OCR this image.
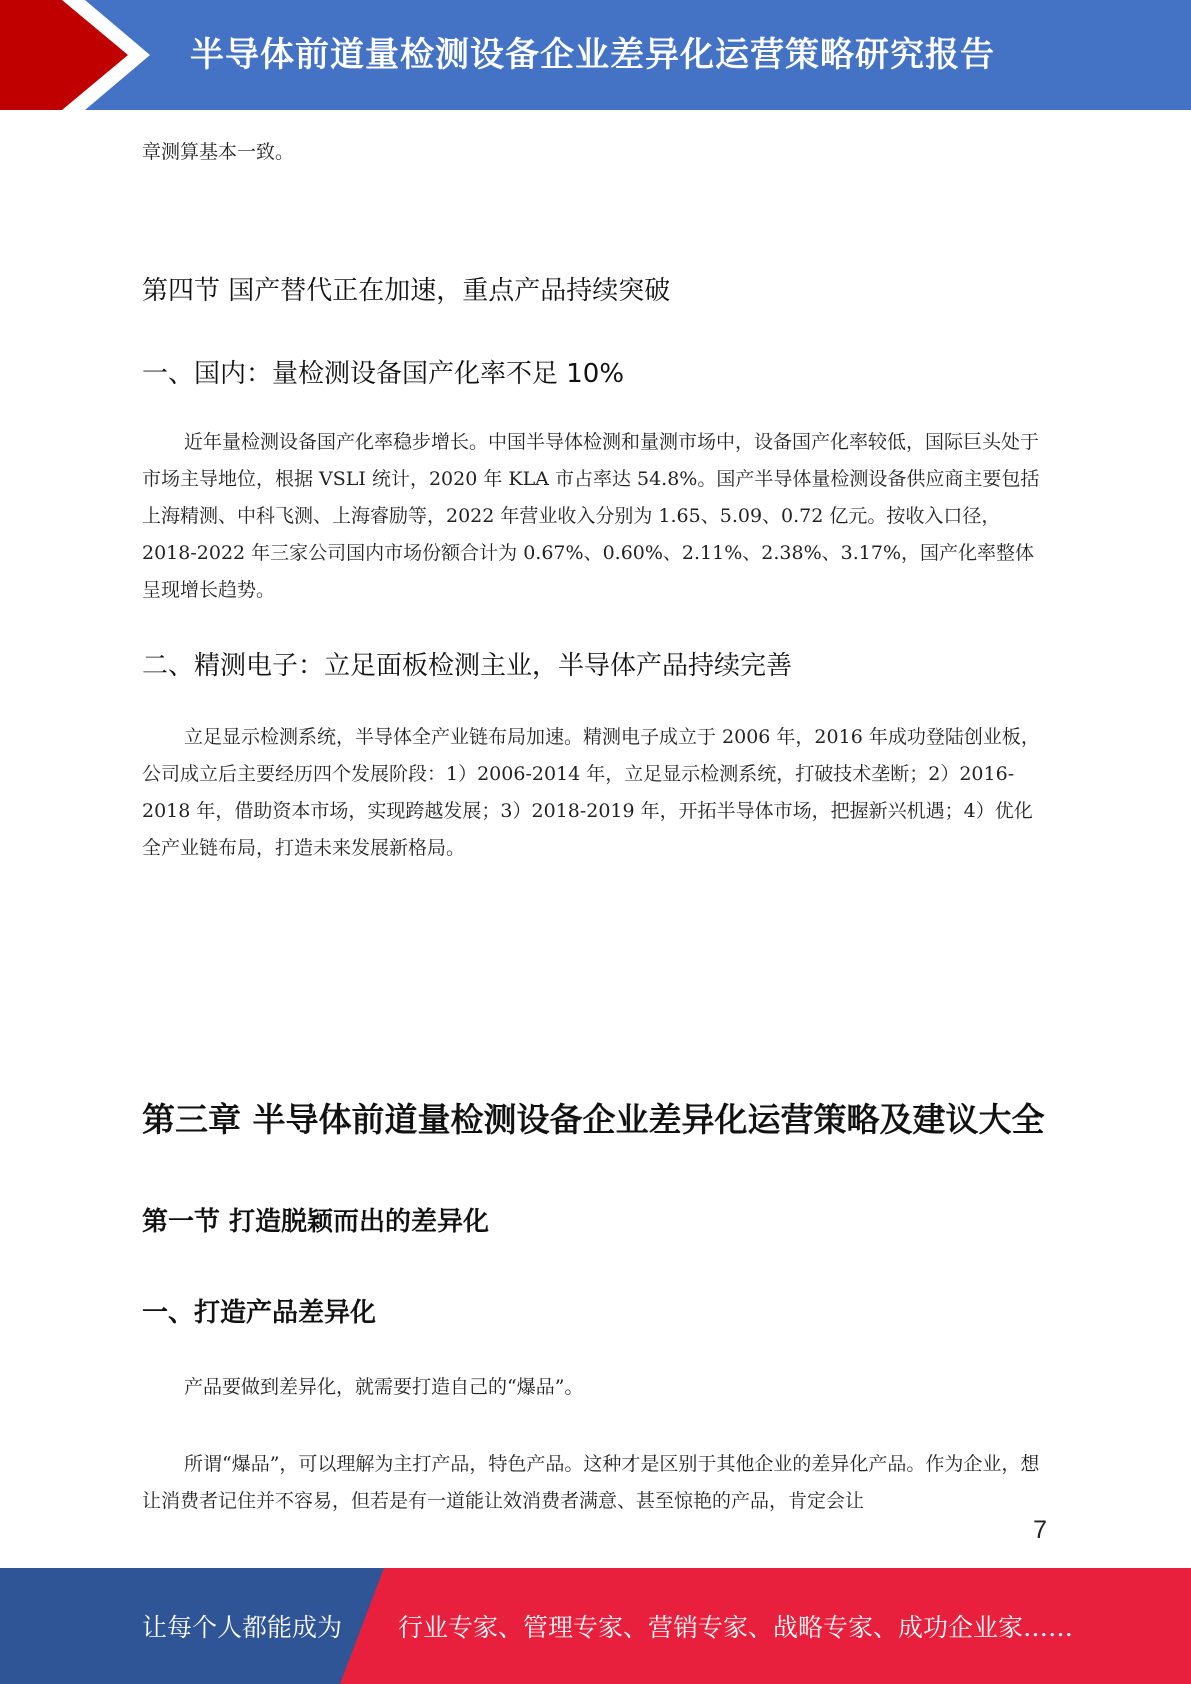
半导体前道量检测设备企业差异化运营策略研究报告
章测算基本一致。
第四节 国产替代正在加速，重点产品持续突破
一、国内：量检测设备国产化率不足 10%
近年量检测设备国产化率稳步增长。中国半导体检测和量测市场中，设备国产化率较低，国际巨头处于市场主导地位，根据 VSLI 统计，2020 年 KLA 市占率达 54.8%。国产半导体量检测设备供应商主要包括上海精测、中科飞测、上海睿励等，2022 年营业收入分别为 1.65、5.09、0.72 亿元。按收入口径，2018-2022 年三家公司国内市场份额合计为 0.67%、0.60%、2.11%、2.38%、3.17%，国产化率整体呈现增长趋势。
二、精测电子：立足面板检测主业，半导体产品持续完善
立足显示检测系统，半导体全产业链布局加速。精测电子成立于 2006 年，2016 年成功登陆创业板，公司成立后主要经历四个发展阶段：1）2006-2014 年，立足显示检测系统，打破技术垄断；2）2016-2018 年，借助资本市场，实现跨越发展；3）2018-2019 年，开拓半导体市场，把握新兴机遇；4）优化全产业链布局，打造未来发展新格局。
第三章 半导体前道量检测设备企业差异化运营策略及建议大全
第一节 打造脱颖而出的差异化
一、打造产品差异化
产品要做到差异化，就需要打造自己的“爆品”。
所谓“爆品”，可以理解为主打产品，特色产品。这种才是区别于其他企业的差异化产品。作为企业，想让消费者记住并不容易，但若是有一道能让效消费者满意、甚至惊艳的产品，肯定会让
7
让每个人都能成为 行业专家、管理专家、营销专家、战略专家、成功企业家……
